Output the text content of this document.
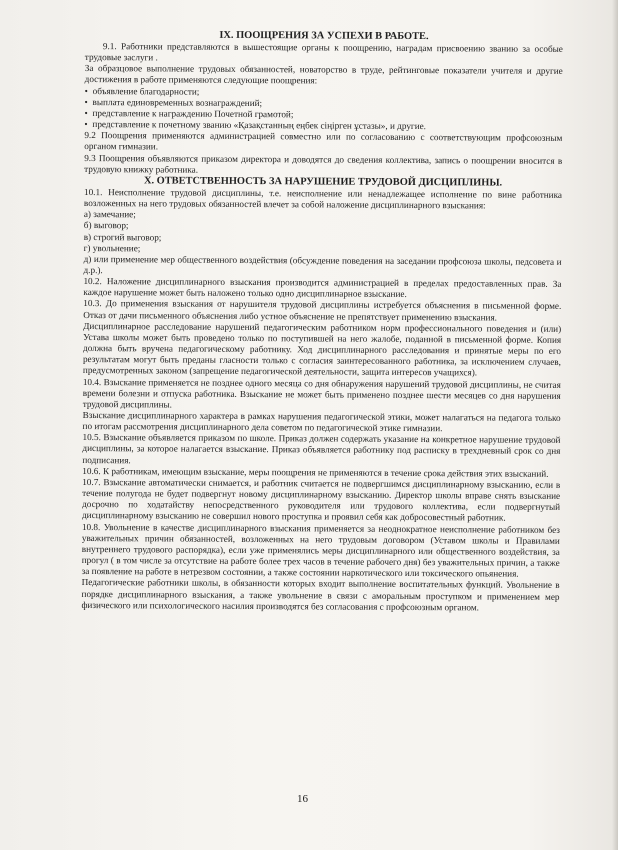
IX. ПООЩРЕНИЯ ЗА УСПЕХИ В РАБОТЕ.

9.1. Работники представляются в вышестоящие органы к поощрению, наградам присвоению званию за особые трудовые заслуги .

За образцовое выполнение трудовых обязанностей, новаторство в труде, рейтинговые показатели учителя и другие достижения в работе применяются следующие поощрения:

• объявление благодарности;

• выплата единовременных вознаграждений;

• представление к награждению Почетной грамотой;

• представление к почетному званию «Қазақстанның еңбек сіңірген ұстазы», и другие.

9.2 Поощрения применяются администрацией совместно или по согласованию с соответствующим профсоюзным органом гимназии.

9.3 Поощрения объявляются приказом директора и доводятся до сведения коллектива, запись о поощрении вносится в трудовую книжку работника.

X. ОТВЕТСТВЕННОСТЬ ЗА НАРУШЕНИЕ ТРУДОВОЙ ДИСЦИПЛИНЫ.

10.1. Неисполнение трудовой дисциплины, т.е. неисполнение или ненадлежащее исполнение по вине работника возложенных на него трудовых обязанностей влечет за собой наложение дисциплинарного взыскания:

а) замечание;

б) выговор;

в) строгий выговор;

г) увольнение;

д) или применение мер общественного воздействия (обсуждение поведения на заседании профсоюза школы, педсовета и д.р.).

10.2. Наложение дисциплинарного взыскания производится администрацией в пределах предоставленных прав. За каждое нарушение может быть наложено только одно дисциплинарное взыскание.

10.3. До применения взыскания от нарушителя трудовой дисциплины истребуется объяснения в письменной форме. Отказ от дачи письменного объяснения либо устное объяснение не препятствует применению взыскания.

Дисциплинарное расследование нарушений педагогическим работником норм профессионального поведения и (или) Устава школы может быть проведено только по поступившей на него жалобе, поданной в письменной форме. Копия должна быть вручена педагогическому работнику. Ход дисциплинарного расследования и принятые меры по его результатам могут быть преданы гласности только с согласия заинтересованного работника, за исключением случаев, предусмотренных законом (запрещение педагогической деятельности, защита интересов учащихся).

10.4. Взыскание применяется не позднее одного месяца со дня обнаружения нарушений трудовой дисциплины, не считая времени болезни и отпуска работника. Взыскание не может быть применено позднее шести месяцев со дня нарушения трудовой дисциплины.

Взыскание дисциплинарного характера в рамках нарушения педагогической этики, может налагаться на педагога только по итогам рассмотрения дисциплинарного дела советом по педагогической этике гимназии.

10.5. Взыскание объявляется приказом по школе. Приказ должен содержать указание на конкретное нарушение трудовой дисциплины, за которое налагается взыскание. Приказ объявляется работнику под расписку в трехдневный срок со дня подписания.

10.6. К работникам, имеющим взыскание, меры поощрения не применяются в течение срока действия этих взысканий.

10.7. Взыскание автоматически снимается, и работник считается не подвергшимся дисциплинарному взысканию, если в течение полугода не будет подвергнут новому дисциплинарному взысканию. Директор школы вправе снять взыскание досрочно по ходатайству непосредственного руководителя или трудового коллектива, если подвергнутый дисциплинарному взысканию не совершил нового проступка и проявил себя как добросовестный работник.

10.8. Увольнение в качестве дисциплинарного взыскания применяется за неоднократное неисполнение работником без уважительных причин обязанностей, возложенных на него трудовым договором (Уставом школы и Правилами внутреннего трудового распорядка), если уже применялись меры дисциплинарного или общественного воздействия, за прогул ( в том числе за отсутствие на работе более трех часов в течение рабочего дня) без уважительных причин, а также за появление на работе в нетрезвом состоянии, а также состоянии наркотического или токсического опьянения.

Педагогические работники школы, в обязанности которых входит выполнение воспитательных функций. Увольнение в порядке дисциплинарного взыскания, а также увольнение в связи с аморальным проступком и применением мер физического или психологического насилия производятся без согласования с профсоюзным органом.

16
